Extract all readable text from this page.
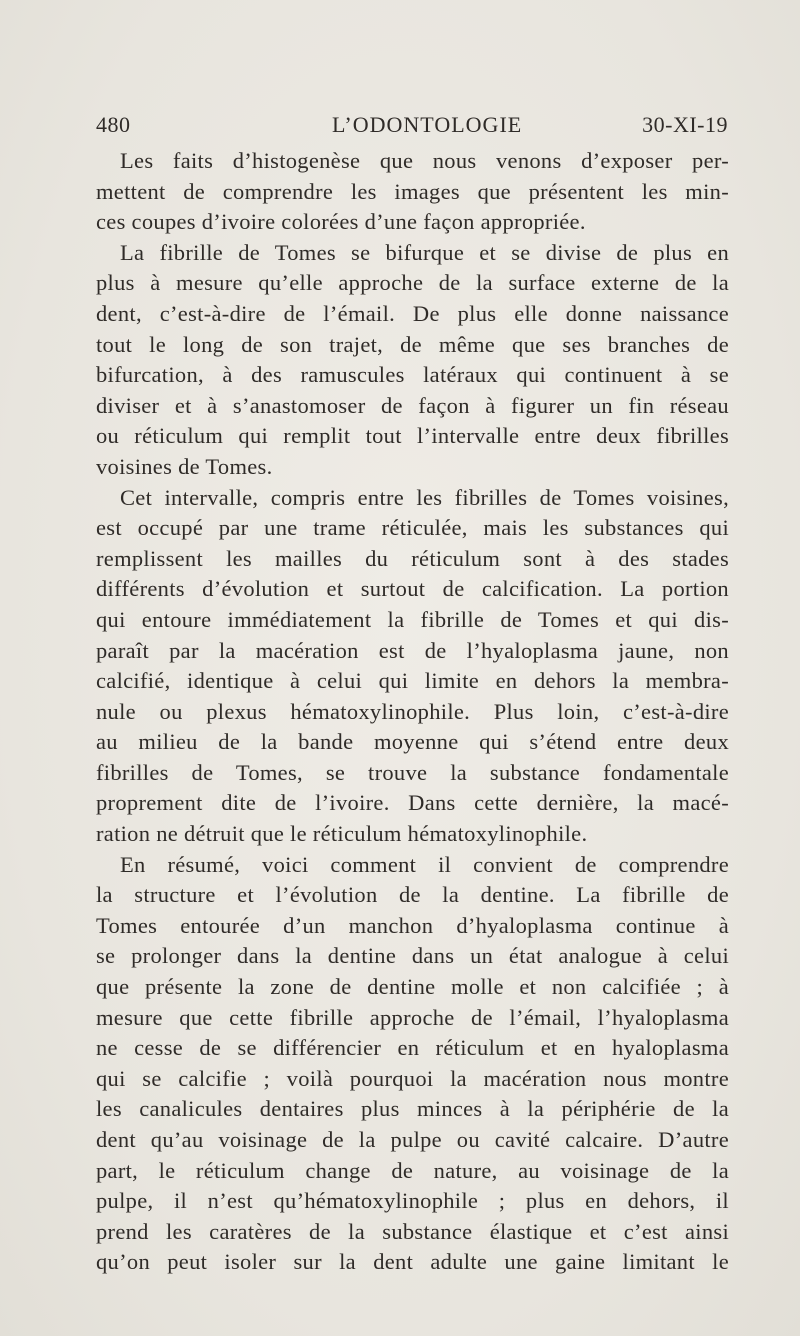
480	L’ODONTOLOGIE	30-XI-19
Les faits d’histogenèse que nous venons d’exposer per-
mettent de comprendre les images que présentent les min-
ces coupes d’ivoire colorées d’une façon appropriée.
La fibrille de Tomes se bifurque et se divise de plus en
plus à mesure qu’elle approche de la surface externe de la
dent, c’est-à-dire de l’émail. De plus elle donne naissance
tout le long de son trajet, de même que ses branches de
bifurcation, à des ramuscules latéraux qui continuent à se
diviser et à s’anastomoser de façon à figurer un fin réseau
ou réticulum qui remplit tout l’intervalle entre deux fibrilles
voisines de Tomes.
Cet intervalle, compris entre les fibrilles de Tomes voisines,
est occupé par une trame réticulée, mais les substances qui
remplissent les mailles du réticulum sont à des stades
différents d’évolution et surtout de calcification. La portion
qui entoure immédiatement la fibrille de Tomes et qui dis-
paraît par la macération est de l’hyaloplasma jaune, non
calcifié, identique à celui qui limite en dehors la membra-
nule ou plexus hématoxylinophile. Plus loin, c’est-à-dire
au milieu de la bande moyenne qui s’étend entre deux
fibrilles de Tomes, se trouve la substance fondamentale
proprement dite de l’ivoire. Dans cette dernière, la macé-
ration ne détruit que le réticulum hématoxylinophile.
En résumé, voici comment il convient de comprendre
la structure et l’évolution de la dentine. La fibrille de
Tomes entourée d’un manchon d’hyaloplasma continue à
se prolonger dans la dentine dans un état analogue à celui
que présente la zone de dentine molle et non calcifiée ; à
mesure que cette fibrille approche de l’émail, l’hyaloplasma
ne cesse de se différencier en réticulum et en hyaloplasma
qui se calcifie ; voilà pourquoi la macération nous montre
les canalicules dentaires plus minces à la périphérie de la
dent qu’au voisinage de la pulpe ou cavité calcaire. D’autre
part, le réticulum change de nature, au voisinage de la
pulpe, il n’est qu’hématoxylinophile ; plus en dehors, il
prend les caratères de la substance élastique et c’est ainsi
qu’on peut isoler sur la dent adulte une gaine limitant le
